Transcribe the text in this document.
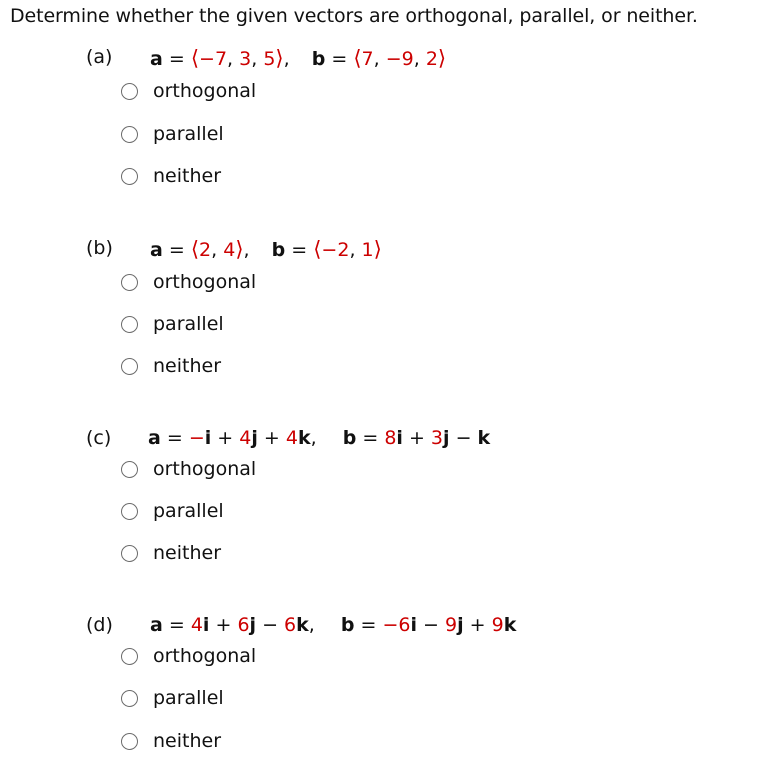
Determine whether the given vectors are orthogonal, parallel, or neither.
(a) a = ⟨−7, 3, 5⟩, b = ⟨7, −9, 2⟩
orthogonal
parallel
neither
(b) a = ⟨2, 4⟩, b = ⟨−2, 1⟩
orthogonal
parallel
neither
(c) a = −i + 4j + 4k, b = 8i + 3j − k
orthogonal
parallel
neither
(d) a = 4i + 6j − 6k, b = −6i − 9j + 9k
orthogonal
parallel
neither
